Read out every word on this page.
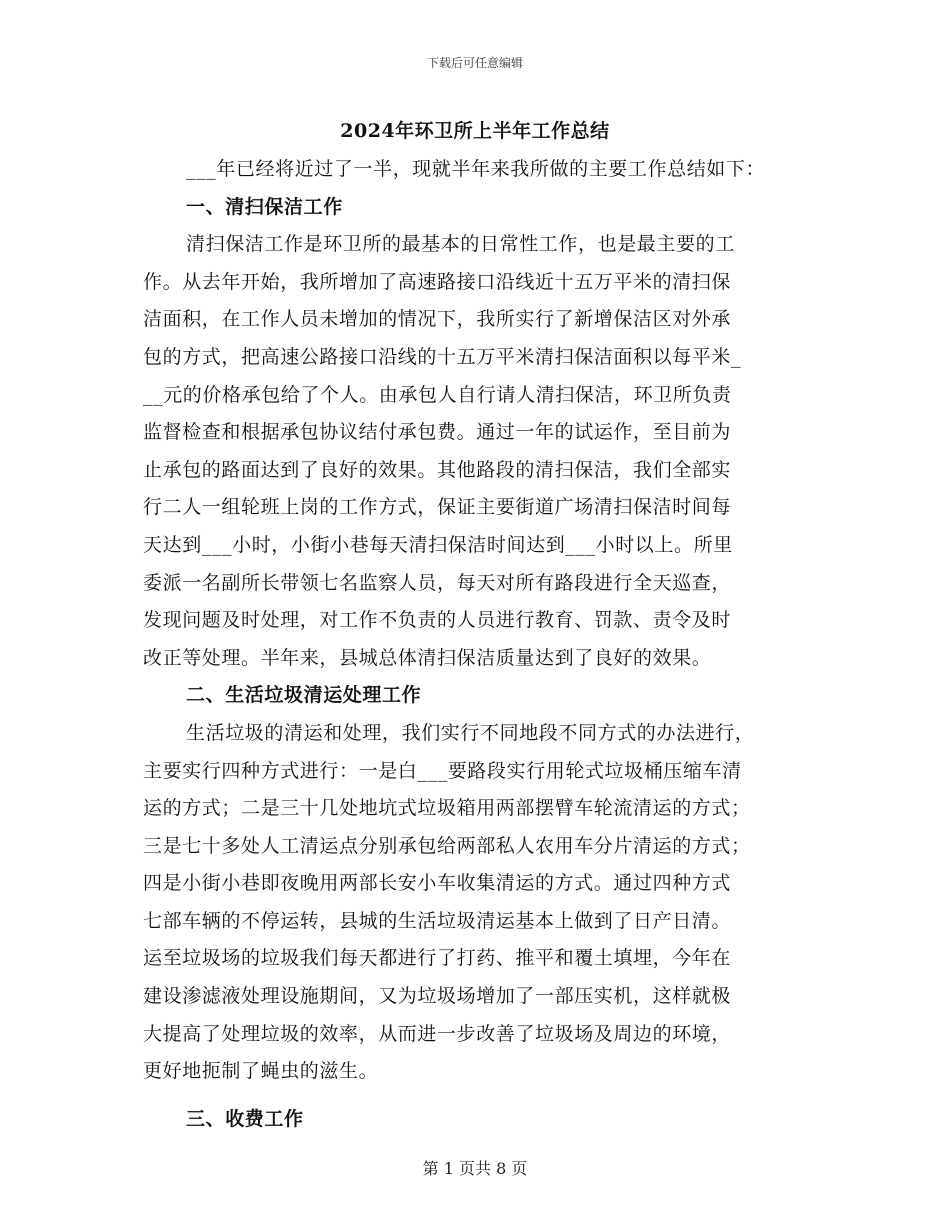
下载后可任意编辑
2024年环卫所上半年工作总结
___年已经将近过了一半，现就半年来我所做的主要工作总结如下：
一、清扫保洁工作
清扫保洁工作是环卫所的最基本的日常性工作，也是最主要的工
作。从去年开始，我所增加了高速路接口沿线近十五万平米的清扫保
洁面积，在工作人员未增加的情况下，我所实行了新增保洁区对外承
包的方式，把高速公路接口沿线的十五万平米清扫保洁面积以每平米_
__元的价格承包给了个人。由承包人自行请人清扫保洁，环卫所负责
监督检查和根据承包协议结付承包费。通过一年的试运作，至目前为
止承包的路面达到了良好的效果。其他路段的清扫保洁，我们全部实
行二人一组轮班上岗的工作方式，保证主要街道广场清扫保洁时间每
天达到___小时，小街小巷每天清扫保洁时间达到___小时以上。所里
委派一名副所长带领七名监察人员，每天对所有路段进行全天巡查，
发现问题及时处理，对工作不负责的人员进行教育、罚款、责令及时
改正等处理。半年来，县城总体清扫保洁质量达到了良好的效果。
二、生活垃圾清运处理工作
生活垃圾的清运和处理，我们实行不同地段不同方式的办法进行，
主要实行四种方式进行：一是白___要路段实行用轮式垃圾桶压缩车清
运的方式；二是三十几处地坑式垃圾箱用两部摆臂车轮流清运的方式；
三是七十多处人工清运点分别承包给两部私人农用车分片清运的方式；
四是小街小巷即夜晚用两部长安小车收集清运的方式。通过四种方式
七部车辆的不停运转，县城的生活垃圾清运基本上做到了日产日清。
运至垃圾场的垃圾我们每天都进行了打药、推平和覆土填埋，今年在
建设渗滤液处理设施期间，又为垃圾场增加了一部压实机，这样就极
大提高了处理垃圾的效率，从而进一步改善了垃圾场及周边的环境，
更好地扼制了蝇虫的滋生。
三、收费工作
第 1 页共 8 页
